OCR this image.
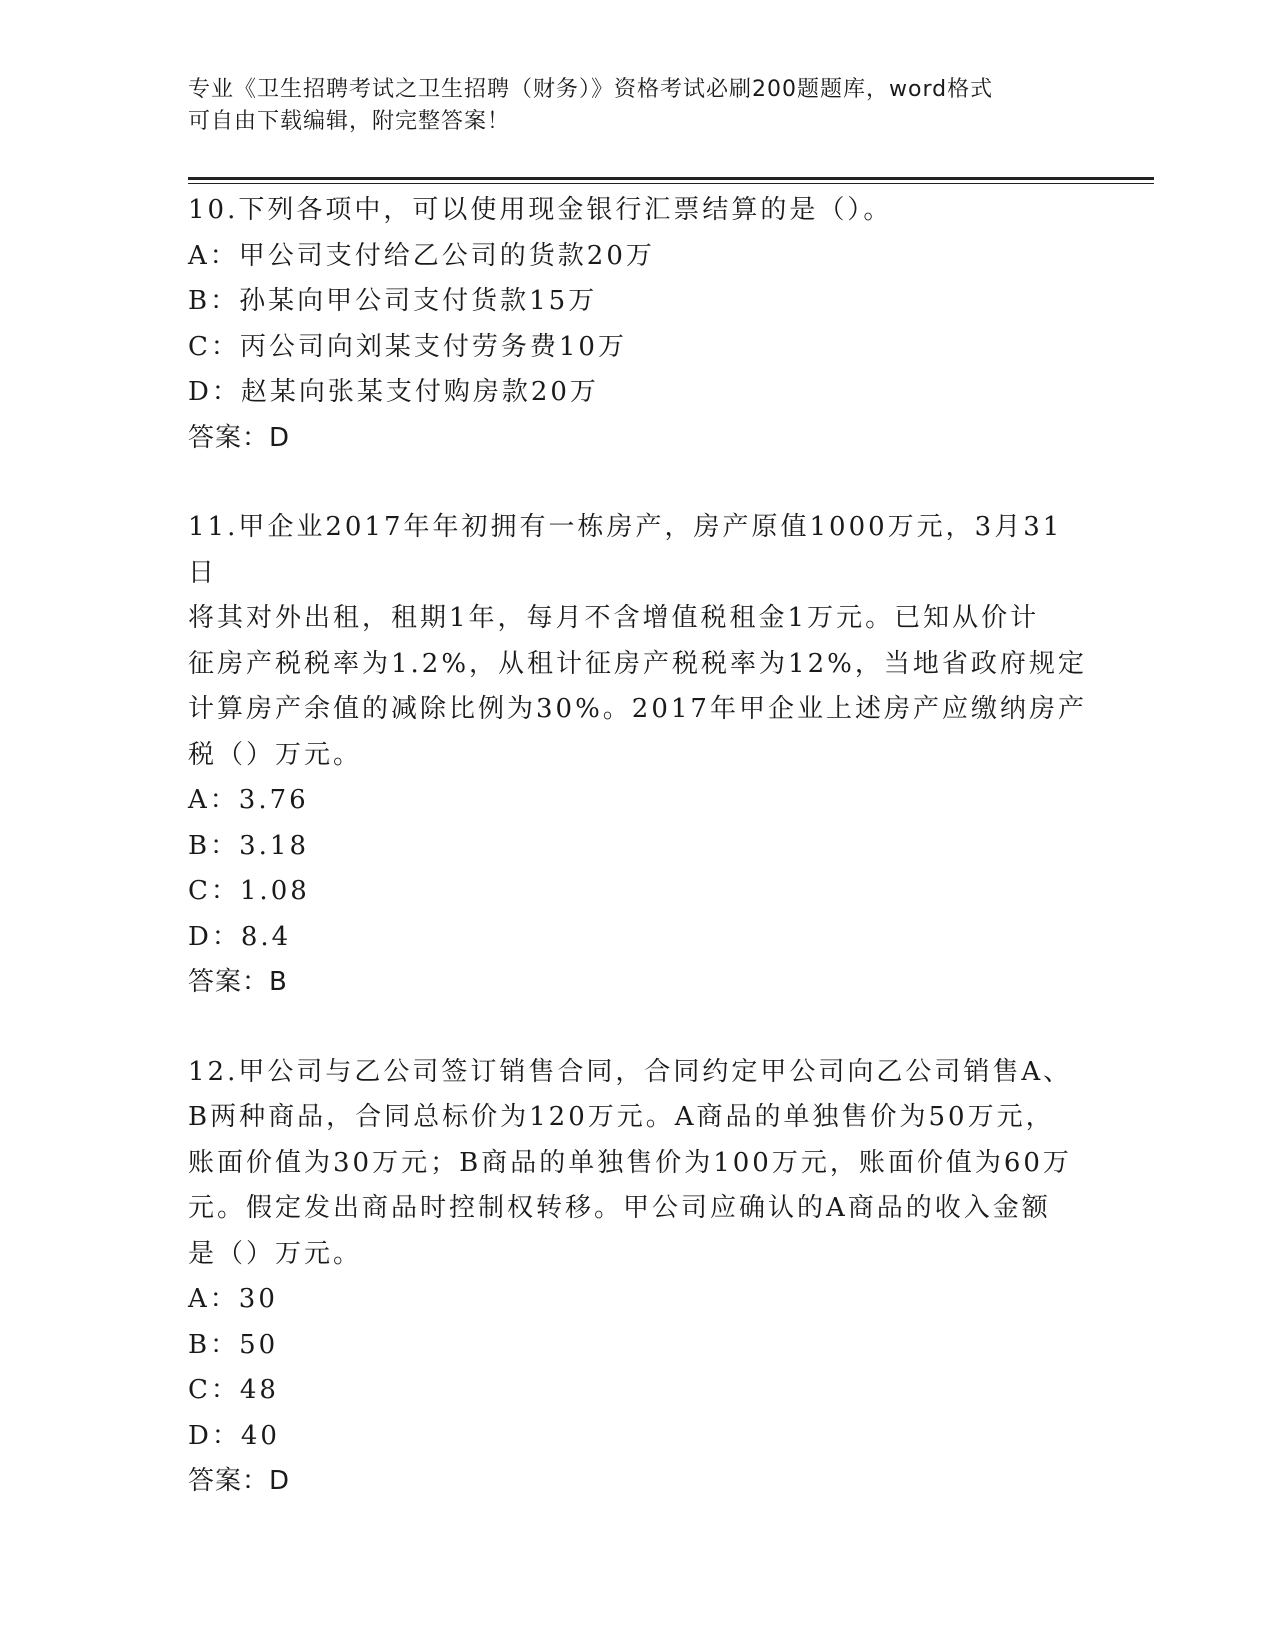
专业《卫生招聘考试之卫生招聘（财务）》资格考试必刷200题题库，word格式

可自由下载编辑，附完整答案！

10.下列各项中，可以使用现金银行汇票结算的是（）。

A：甲公司支付给乙公司的货款20万

B：孙某向甲公司支付货款15万

C：丙公司向刘某支付劳务费10万

D：赵某向张某支付购房款20万

答案：D

11.甲企业2017年年初拥有一栋房产，房产原值1000万元，3月31日

将其对外出租，租期1年，每月不含增值税租金1万元。已知从价计

征房产税税率为1.2%，从租计征房产税税率为12%，当地省政府规定

计算房产余值的减除比例为30%。2017年甲企业上述房产应缴纳房产

税（）万元。

A：3.76

B：3.18

C：1.08

D：8.4

答案：B

12.甲公司与乙公司签订销售合同，合同约定甲公司向乙公司销售A、

B两种商品，合同总标价为120万元。A商品的单独售价为50万元，

账面价值为30万元；B商品的单独售价为100万元，账面价值为60万

元。假定发出商品时控制权转移。甲公司应确认的A商品的收入金额

是（）万元。

A：30

B：50

C：48

D：40

答案：D
